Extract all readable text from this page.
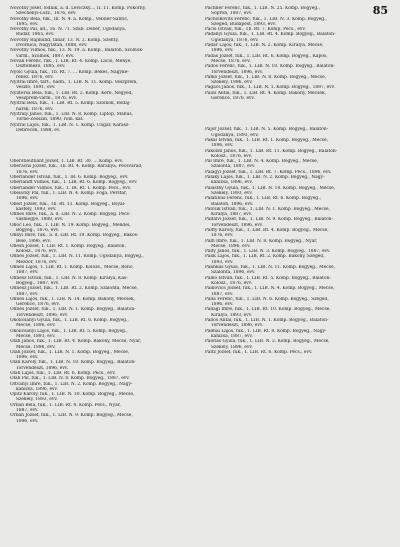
85
Novotny Josef, lodnik, a. d. Leviczky..., II. 11. Komp. Pokorny,
Szechenyi-Lutz., 1876, evv.
Novothy Bela, fuk., Ill. N. 4. a. Komp., Vebner-Santic,
1895, evv.
Novothy Pal, alt., 16. N. 71. Szab. Dober, Ugodanya,
Rudar, 1865, evv.
Novotny Rajmund, tanar, 13. N. 2. Komp. Szenty,
Dvornica, Nagytatan, 1888, evv.
Novotny Vilmos, fuk., 13. N. 19. a. Komp., Balaton, Szolnok-
varm., Szolnok, 1887, evv.
Novak Ferenc, fuk., 1. LIB. Rt. 4. Komp. Lacio, Menye,
Osztemezo, 1895, evv.
Nyolc Gyula, fuk., 1b. Rt. 7. ... Komp. Bekes, Nagyke-
renez, 1876, evv.
Nyitrai Imre, tart., hadn., 1. LIB. N. 11. Komp. Veszprem,
Veszfo, 1891, evv.
Nyiltersa Bela, fuk., 1. LIB. Rt. 2. Komp. Kere, Negyed,
Veszprem-varm., 1876, evv.
Nyitrai Bela, fuk., 1. LIB. Rt. 5. Komp. Szolnok, Bodaj-
harsk, 1876, evv.
Nyitraly Janos, fuk., 1. LIB. N. 8. Komp. Liptop, Mahus,
Torne-Zesszin, 1890, rom. kat.
Nyitrai Lajos, fuk., 1. LIB. N. 1. Komp. Ungar, Karasz-
Debrecen, 1888, ev.
Oberstleutnant Jozsef, 1. LIB. Rt. 30. ... Komp. evv.
Oberachs Jozsef, fuk., 1b. Rt. 4. Komp. Baranya, Pecsvarad,
1876, evv.
Oberlander Istvan, fuk., 1. IR. 6. Komp. Bogyeg., evv.
Oberlandt Vilmos, fuk., 1. LIB. Rt. 6. Komp. Bogyeg., evv.
Oberlander Vilmos, fuk., 1. IR. Rt. 1. Komp. Pecs., evv.
Obeiscky Pal, fuk., 1. LIB. N. 4. Komp. Foga, Perstar,
1896, evv.
Obeit Jozsef, fuk., 1b. Rt. 11. Komp. Bogyeg., Boyal-
kastely, 1893, evv.
Ohnes Imre, fuk., a. d. LIB. N. 2. Komp. Bogyeg. Pecs-
vasmegye, 1888, evv.
Ohoc Leo, fuk., 1. LIB. N. 19. Komp. Bogyeg., Mendei,
Bogyeg., 1876, evv.
Ohnyi Imre, fuk., a. d. LIB. Rt. 19. Komp. Bogyeg., Bakos-
Bele, 1896, evv.
Ohesh Jozsef, 1. LIB. Rt. 1. Komp. Bogyeg., Balaton,
Kolosz., 1876, evv.
Ohnes Jozsef, fuk., 1. LIB. N. 11. Komp. Ugodanya, Bogyeg.,
Mezoor, 1876, evv.
Ohnes Lajos, 1. LIB. Rt. 1. Komp. Kolozs., Mecse, Bono,
1887, evv.
Ohnesz Istvan, fuk., 1. LIB. N. 8. Komp. Kiralya, Kas-
Bogyeg., 1887, evv.
Ohnesz Jozsef, fuk., 1. LIB. Rt. 2. Komp. Szalonta, Mecse,
1887, evv.
Ohnes Lajos, fuk., 1. LIB. N. 14. Komp. Bakony, Mecsek,
Gerence, 1876, evv.
Ohnes Jozsef, fuk., 1. LIB. N. 1. Komp. Bogyeg., Balaton-
Torvendeszt, 1896, evv.
Okolicsanyi Gyula, fuk., 1. LIB. Rt. 6. Komp. Bogyeg.,
Mecse, 1896, evv.
Okolicsanyi Lajos, fuk., 1. LIB. Rt. 5. Komp. Bogyeg.,
Mecse, 1893, evv.
Olah Janos, fuk., 1. LIB. Rt. 4. Komp. Bakony, Mecse, Nyar,
Mecse, 1896, evv.
Olah Jozsef, fuk., 1. LIB. N. 1. Komp. Bogyeg., Mecse,
1896, evv.
Olah Karoly, fuk., 1. LIB. N. 10. Komp. Bogyeg., Balaton-
Torvendeszt, 1896, evv.
Olah Lajos, fuk., 1. LIB. Rt. 6. Komp. Pecs., evv.
Olah Pal, fuk., 1. LIB. N. 8. Komp. Bogyeg., 1887, evv.
Oltvanyi Imre, fuk., 1. LIB. N. 2. Komp. Bogyeg., Nagy-
kanizsa, 1896, evv.
Opitz Karoly, fuk., 1. LIB. N. 10. Komp. Bogyeg., Mecse,
Szekely, 1893, evv.
Orban Bela, fuk., 1. LIB. Rt. 4. Komp. Pecs., Nyar,
1887, evv.
Orban Jozsef, fuk., 1. LIB. N. 9. Komp. Bogyeg., Mecse,
1896, evv.
Pachner Ferenc, fuk., 1. LIB. N. 25. Komp. Bogyeg.,
Sopron, 1887, evv.
Pacholkovits Ferenc, fuk., 1. LIB. N. 3. Komp. Bogyeg.,
Szeged, Budapest, 1893, evv.
Pacsi Istvan, fuk., 1b. Rt. 7. Komp. Pecs., evv.
Padanyi Gyula, fuk., 1. LIB. Rt. 4. Komp. Bogyeg., Balaton-
Ugodanya, 1876, evv.
Padar Lajos, fuk., 1. LIB. N. 2. Komp. Kiralya, Mecse,
1896, evv.
Padas Jozsef, fuk., 1. LIB. Rt. 6. Komp. Bogyeg., Kapos,
Mecse, 1876, evv.
Pados Ferenc, fuk., 1. LIB. N. 10. Komp. Bogyeg., Balaton-
Torvendeszt, 1896, evv.
Pafko Jozsef, fuk., 1. LIB. N. 8. Komp. Bogyeg., Mecse,
Szekely, 1896, evv.
Pagacs Janos, fuk., 1. LIB. N. 1. Komp. Bogyeg., 1887, evv.
Paizs Antal, fuk., 1. LIB. Rt. 4. Komp. Bakony, Mecsek,
Gerence, 1876, evv.
Pajor Jozsef, fuk., 1. LIB. N. 5. Komp. Bogyeg., Balaton-
Ugodanya, 1893, evv.
Pakai Istvan, fuk., 1. LIB. Rt. 1. Komp. Bogyeg., Mecse,
1896, evv.
Pakozdi Janos, fuk., 1. LIB. Rt. 11. Komp. Bogyeg., Balaton-
Kolosz., 1876, evv.
Pal Imre, fuk., 1. LIB. N. 4. Komp. Bogyeg., Mecse,
Szalonta, 1887, evv.
Palagyi Jozsef, fuk., 1. LIB. Rt. 7. Komp. Pecs., 1896, evv.
Palaky Lajos, fuk., 1. LIB. N. 2. Komp. Bogyeg., Nagy-
kanizsa, 1896, evv.
Palasthy Gyula, fuk., 1. LIB. N. 10. Komp. Bogyeg., Mecse,
Szekely, 1893, evv.
Palatinus Ferenc, fuk., 1. LIB. Rt. 6. Komp. Bogyeg.,
Balaton, 1896, evv.
Palcsik Istvan, fuk., 1. LIB. N. 1. Komp. Bogyeg., Mecse,
Kiralya, 1887, evv.
Palfalvi Jozsef, fuk., 1. LIB. N. 9. Komp. Bogyeg., Balaton-
Torvendeszt, 1896, evv.
Palffy Karoly, fuk., 1. LIB. Rt. 4. Komp. Bogyeg., Mecse,
1876, evv.
Palfi Imre, fuk., 1. LIB. N. 8. Komp. Bogyeg., Nyar,
Mecse, 1896, evv.
Palfy Janos, fuk., 1. LIB. N. 3. Komp. Bogyeg., 1887, evv.
Palik Lajos, fuk., 1. LIB. Rt. 2. Komp. Bakony, Szeged,
1893, evv.
Palinkas Gyula, fuk., 1. LIB. N. 11. Komp. Bogyeg., Mecse,
Szalonta, 1896, evv.
Palko Istvan, fuk., 1. LIB. Rt. 5. Komp. Bogyeg., Balaton-
Kolosz., 1876, evv.
Palkovics Jozsef, fuk., 1. LIB. N. 4. Komp. Bogyeg., Mecse,
1887, evv.
Palla Ferenc, fuk., 1. LIB. N. 6. Komp. Bogyeg., Szeged,
1896, evv.
Pallagi Imre, fuk., 1. LIB. Rt. 10. Komp. Bogyeg., Mecse,
Kiralya, 1893, evv.
Pallos Antal, fuk., 1. LIB. N. 1. Komp. Bogyeg., Balaton-
Torvendeszt, 1896, evv.
Palmai Lajos, fuk., 1. LIB. Rt. 8. Komp. Bogyeg., Nagy-
kanizsa, 1887, evv.
Palotas Gyula, fuk., 1. LIB. N. 2. Komp. Bogyeg., Mecse,
Szekely, 1896, evv.
Paltz Jozsef, fuk., 1. LIB. Rt. 6. Komp. Pecs., evv.
